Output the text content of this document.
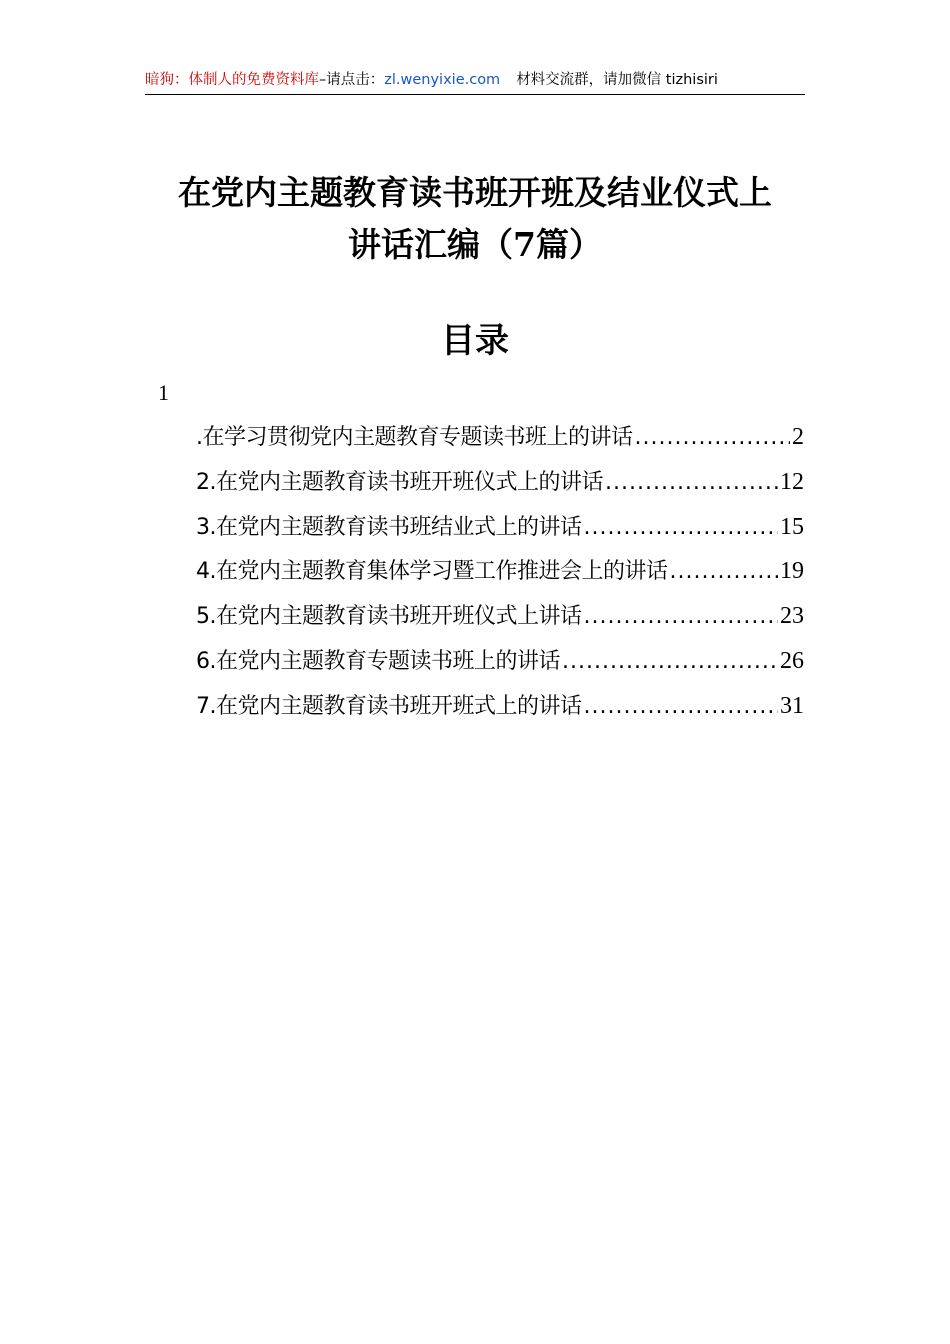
暗狗：体制人的免费资料库–请点击：zl.wenyixie.com 材料交流群，请加微信 tizhisiri
在党内主题教育读书班开班及结业仪式上
讲话汇编（7篇）
目录
1
.在学习贯彻党内主题教育专题读书班上的讲话 .....	2
2.在党内主题教育读书班开班仪式上的讲话 .....	12
3.在党内主题教育读书班结业式上的讲话 .....	15
4.在党内主题教育集体学习暨工作推进会上的讲话 .....	19
5.在党内主题教育读书班开班仪式上讲话 .....	23
6.在党内主题教育专题读书班上的讲话 .....	26
7.在党内主题教育读书班开班式上的讲话 .....	31
